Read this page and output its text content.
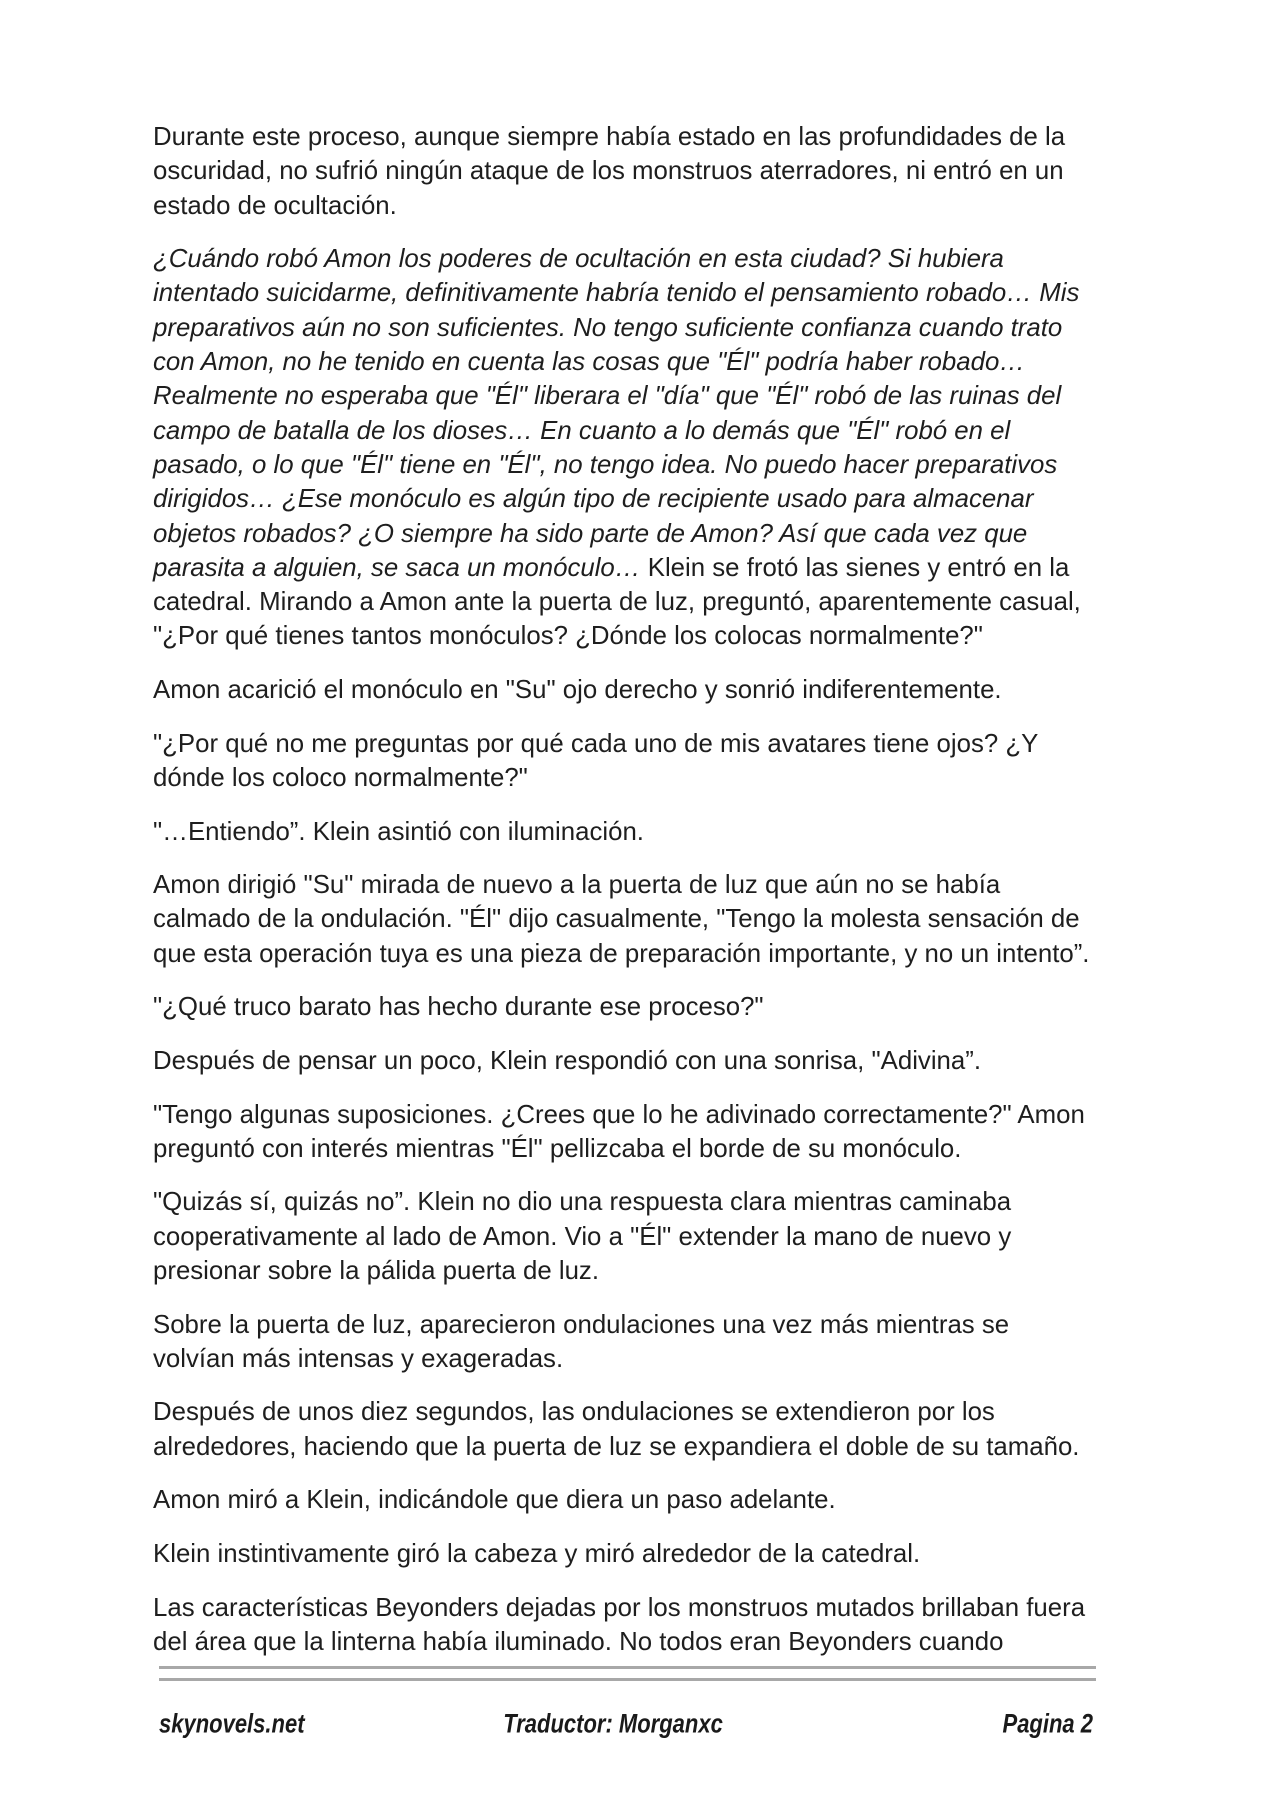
Durante este proceso, aunque siempre había estado en las profundidades de la
oscuridad, no sufrió ningún ataque de los monstruos aterradores, ni entró en un
estado de ocultación.
¿Cuándo robó Amon los poderes de ocultación en esta ciudad? Si hubiera
intentado suicidarme, definitivamente habría tenido el pensamiento robado… Mis
preparativos aún no son suficientes. No tengo suficiente confianza cuando trato
con Amon, no he tenido en cuenta las cosas que "Él" podría haber robado…
Realmente no esperaba que "Él" liberara el "día" que "Él" robó de las ruinas del
campo de batalla de los dioses… En cuanto a lo demás que "Él" robó en el
pasado, o lo que "Él" tiene en "Él", no tengo idea. No puedo hacer preparativos
dirigidos… ¿Ese monóculo es algún tipo de recipiente usado para almacenar
objetos robados? ¿O siempre ha sido parte de Amon? Así que cada vez que
parasita a alguien, se saca un monóculo… Klein se frotó las sienes y entró en la
catedral. Mirando a Amon ante la puerta de luz, preguntó, aparentemente casual,
"¿Por qué tienes tantos monóculos? ¿Dónde los colocas normalmente?"
Amon acarició el monóculo en "Su" ojo derecho y sonrió indiferentemente.
"¿Por qué no me preguntas por qué cada uno de mis avatares tiene ojos? ¿Y
dónde los coloco normalmente?"
"…Entiendo”. Klein asintió con iluminación.
Amon dirigió "Su" mirada de nuevo a la puerta de luz que aún no se había
calmado de la ondulación. "Él" dijo casualmente, "Tengo la molesta sensación de
que esta operación tuya es una pieza de preparación importante, y no un intento”.
"¿Qué truco barato has hecho durante ese proceso?"
Después de pensar un poco, Klein respondió con una sonrisa, "Adivina”.
"Tengo algunas suposiciones. ¿Crees que lo he adivinado correctamente?" Amon
preguntó con interés mientras "Él" pellizcaba el borde de su monóculo.
"Quizás sí, quizás no”. Klein no dio una respuesta clara mientras caminaba
cooperativamente al lado de Amon. Vio a "Él" extender la mano de nuevo y
presionar sobre la pálida puerta de luz.
Sobre la puerta de luz, aparecieron ondulaciones una vez más mientras se
volvían más intensas y exageradas.
Después de unos diez segundos, las ondulaciones se extendieron por los
alrededores, haciendo que la puerta de luz se expandiera el doble de su tamaño.
Amon miró a Klein, indicándole que diera un paso adelante.
Klein instintivamente giró la cabeza y miró alrededor de la catedral.
Las características Beyonders dejadas por los monstruos mutados brillaban fuera
del área que la linterna había iluminado. No todos eran Beyonders cuando
skynovels.net	Traductor: Morganxc	Pagina 2
